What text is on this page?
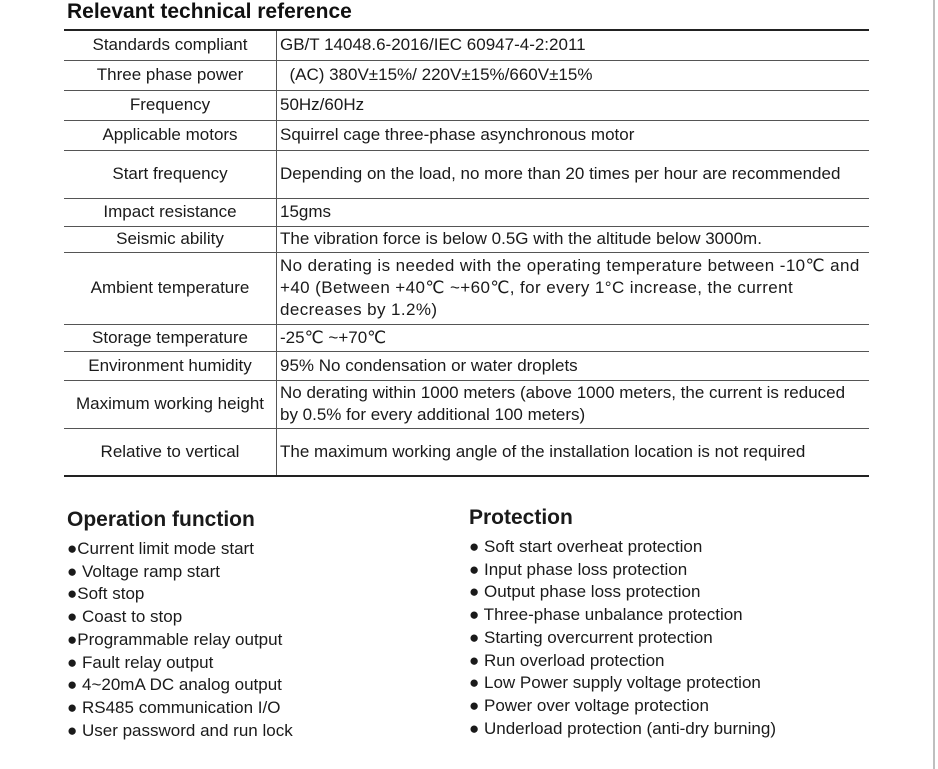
Relevant technical reference
Standards compliant	GB/T 14048.6-2016/IEC 60947-4-2:2011
Three phase power	(AC) 380V±15%/ 220V±15%/660V±15%
Frequency	50Hz/60Hz
Applicable motors	Squirrel cage three-phase asynchronous motor
Start frequency	Depending on the load, no more than 20 times per hour are recommended
Impact resistance	15gms
Seismic ability	The vibration force is below 0.5G with the altitude below 3000m.
Ambient temperature	No derating is needed with the operating temperature between -10℃ and +40 (Between +40℃ ~+60℃, for every 1°C increase, the current decreases by 1.2%)
Storage temperature	-25℃ ~+70℃
Environment humidity	95% No condensation or water droplets
Maximum working height	No derating within 1000 meters (above 1000 meters, the current is reduced by 0.5% for every additional 100 meters)
Relative to vertical	The maximum working angle of the installation location is not required
Operation function
●Current limit mode start
● Voltage ramp start
●Soft stop
● Coast to stop
●Programmable relay output
● Fault relay output
● 4~20mA DC analog output
● RS485 communication I/O
● User password and run lock
Protection
● Soft start overheat protection
● Input phase loss protection
● Output phase loss protection
● Three-phase unbalance protection
● Starting overcurrent protection
● Run overload protection
● Low Power supply voltage protection
● Power over voltage protection
● Underload protection (anti-dry burning)
